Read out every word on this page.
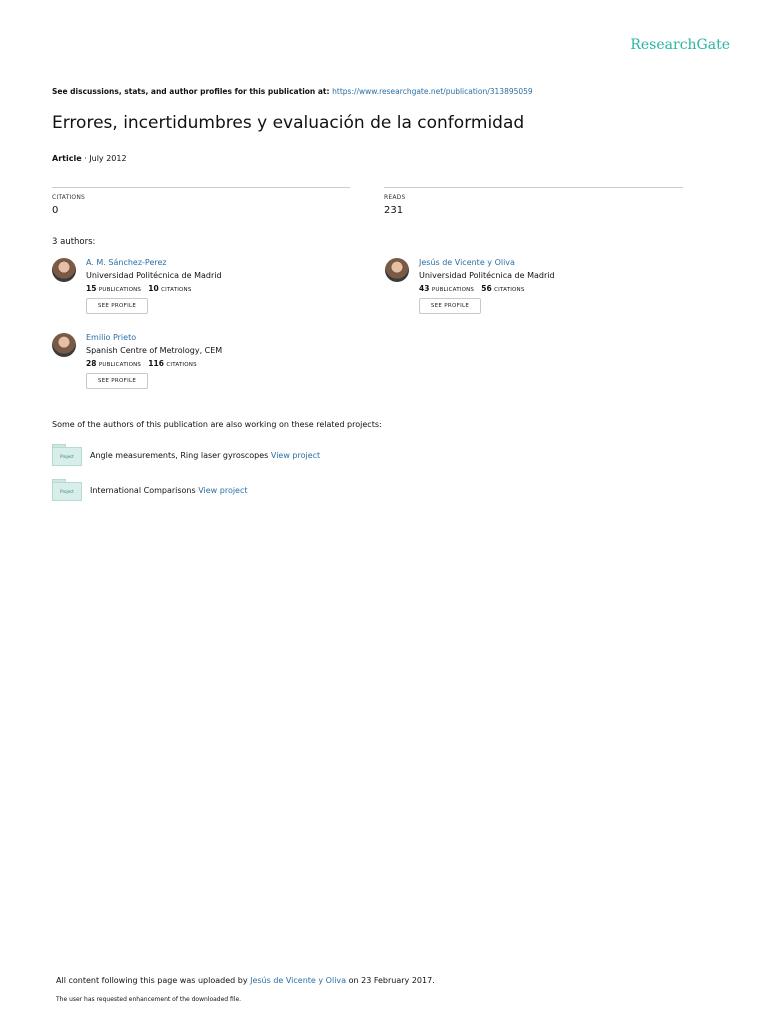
ResearchGate
See discussions, stats, and author profiles for this publication at: https://www.researchgate.net/publication/313895059
Errores, incertidumbres y evaluación de la conformidad
Article · July 2012
CITATIONS
0
READS
231
3 authors:
A. M. Sánchez-Perez
Universidad Politécnica de Madrid
15 PUBLICATIONS 10 CITATIONS
SEE PROFILE
Jesús de Vicente y Oliva
Universidad Politécnica de Madrid
43 PUBLICATIONS 56 CITATIONS
SEE PROFILE
Emilio Prieto
Spanish Centre of Metrology, CEM
28 PUBLICATIONS 116 CITATIONS
SEE PROFILE
Some of the authors of this publication are also working on these related projects:
Project	Angle measurements, Ring laser gyroscopes View project
Project	International Comparisons View project
All content following this page was uploaded by Jesús de Vicente y Oliva on 23 February 2017.
The user has requested enhancement of the downloaded file.
